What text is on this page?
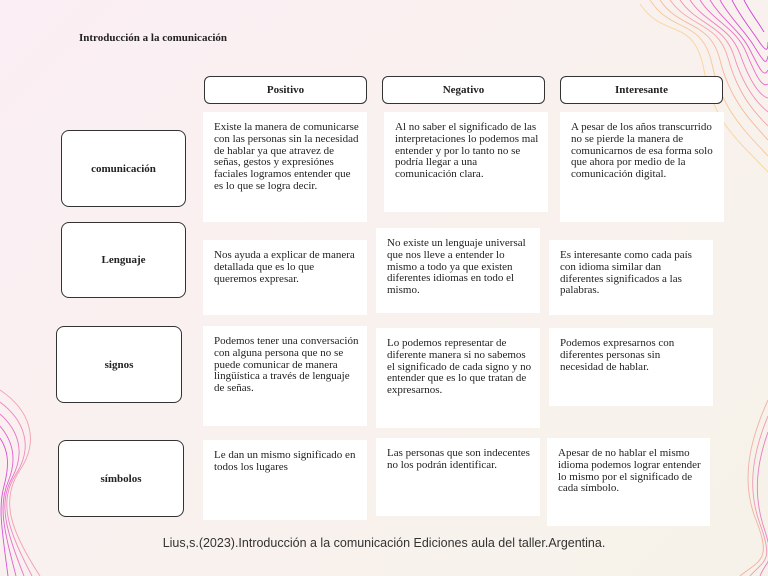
Introducción a la comunicación
Positivo	Negativo	Interesante
comunicación
Lenguaje
signos
símbolos
Existe la manera de comunicarse con las personas sin la necesidad de hablar ya que atravez de señas, gestos y expresiónes faciales logramos entender que es lo que se logra decir.
Al no saber el significado de las interpretaciones lo podemos mal entender y por lo tanto no se podría llegar a una comunicación clara.
A pesar de los años transcurrido no se pierde la manera de comunicarnos de esa forma solo que ahora por medio de la comunicación digital.
Nos ayuda a explicar de manera detallada que es lo que queremos expresar.
No existe un lenguaje universal que nos lleve a entender lo mismo a todo ya que existen diferentes idiomas en todo el mismo.
Es interesante como cada país con idioma similar dan diferentes significados a las palabras.
Podemos tener una conversación con alguna persona que no se puede comunicar de manera lingüística a través de lenguaje de señas.
Lo podemos representar de diferente manera si no sabemos el significado de cada signo y no entender que es lo que tratan de expresarnos.
Podemos expresarnos con diferentes personas sin necesidad de hablar.
Le dan un mismo significado en todos los lugares
Las personas que son indecentes no los podrán identificar.
Apesar de no hablar el mismo idioma podemos lograr entender lo mismo por el significado de cada símbolo.
Lius,s.(2023).Introducción a la comunicación Ediciones aula del taller.Argentina.
